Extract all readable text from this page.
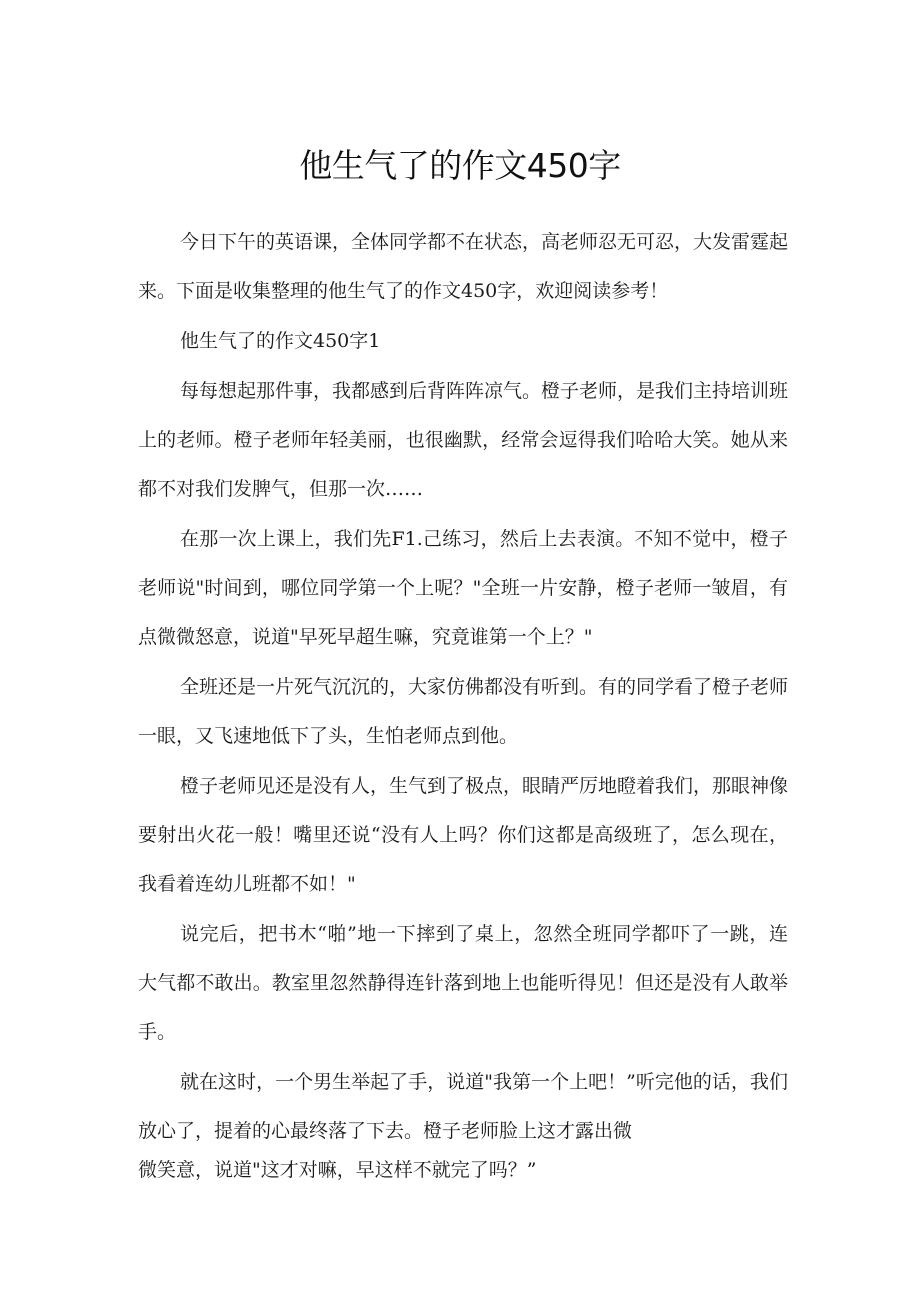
他生气了的作文450字

今日下午的英语课，全体同学都不在状态，高老师忍无可忍，大发雷霆起来。下面是收集整理的他生气了的作文450字，欢迎阅读参考！

他生气了的作文450字1

每每想起那件事，我都感到后背阵阵凉气。橙子老师，是我们主持培训班上的老师。橙子老师年轻美丽，也很幽默，经常会逗得我们哈哈大笑。她从来都不对我们发脾气，但那一次……

在那一次上课上，我们先F1.己练习，然后上去表演。不知不觉中，橙子老师说"时间到，哪位同学第一个上呢？"全班一片安静，橙子老师一皱眉，有点微微怒意，说道"早死早超生嘛，究竟谁第一个上？"

全班还是一片死气沉沉的，大家仿佛都没有听到。有的同学看了橙子老师一眼，又飞速地低下了头，生怕老师点到他。

橙子老师见还是没有人，生气到了极点，眼睛严厉地瞪着我们，那眼神像要射出火花一般！嘴里还说“没有人上吗？你们这都是高级班了，怎么现在，我看着连幼儿班都不如！"

说完后，把书木“啪”地一下摔到了桌上，忽然全班同学都吓了一跳，连大气都不敢出。教室里忽然静得连针落到地上也能听得见！但还是没有人敢举手。

就在这时，一个男生举起了手，说道"我第一个上吧！”听完他的话，我们放心了，提着的心最终落了下去。橙子老师脸上这才露出微

微笑意，说道"这才对嘛，早这样不就完了吗？”
